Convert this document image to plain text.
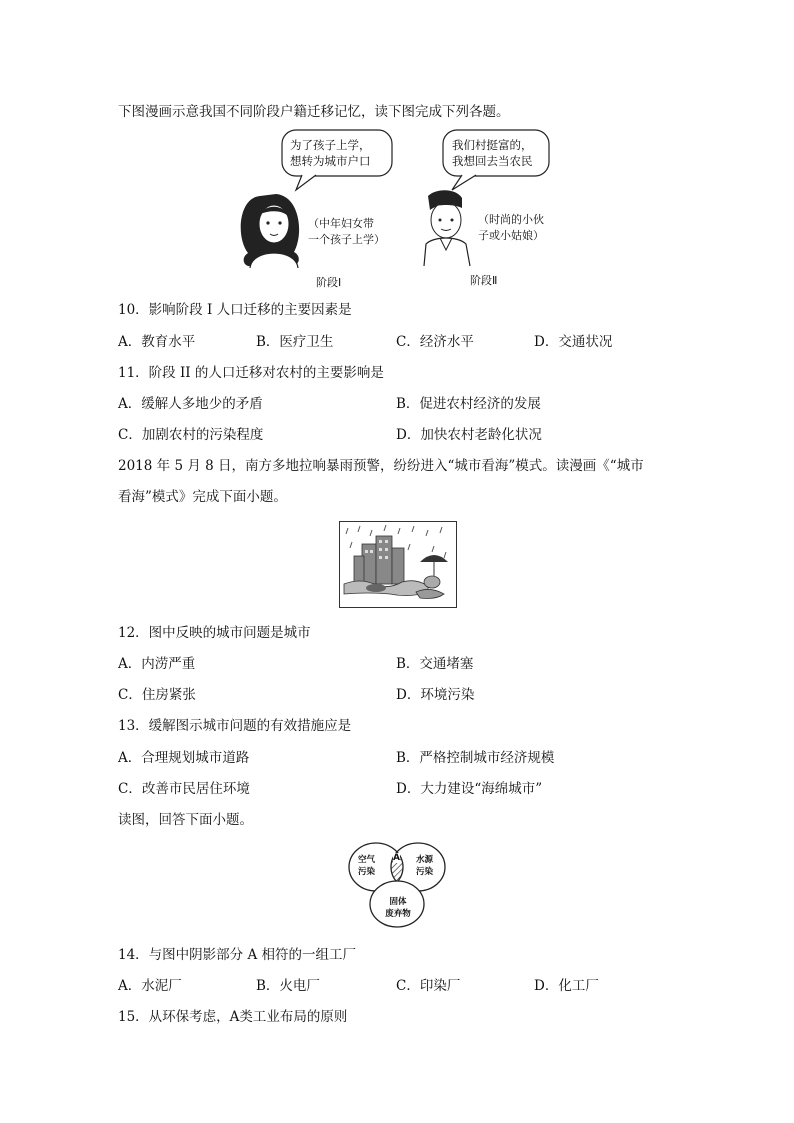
下图漫画示意我国不同阶段户籍迁移记忆，读下图完成下列各题。
为了孩子上学，
想转为城市户口
我们村挺富的，
我想回去当农民
（中年妇女带
一个孩子上学）
（时尚的小伙
子或小姑娘）
阶段Ⅰ	阶段Ⅱ
10．影响阶段 I 人口迁移的主要因素是
A．教育水平	B．医疗卫生	C．经济水平	D．交通状况
11．阶段 II 的人口迁移对农村的主要影响是
A．缓解人多地少的矛盾	B．促进农村经济的发展
C．加剧农村的污染程度	D．加快农村老龄化状况
2018 年 5 月 8 日，南方多地拉响暴雨预警，纷纷进入“城市看海”模式。读漫画《“城市
看海”模式》完成下面小题。
12．图中反映的城市问题是城市
A．内涝严重	B．交通堵塞
C．住房紧张	D．环境污染
13．缓解图示城市问题的有效措施应是
A．合理规划城市道路	B．严格控制城市经济规模
C．改善市民居住环境	D．大力建设“海绵城市”
读图，回答下面小题。
空气
污染
水源
污染
固体
废弃物
A
14．与图中阴影部分 A 相符的一组工厂
A．水泥厂	B．火电厂	C．印染厂	D．化工厂
15．从环保考虑，A类工业布局的原则
